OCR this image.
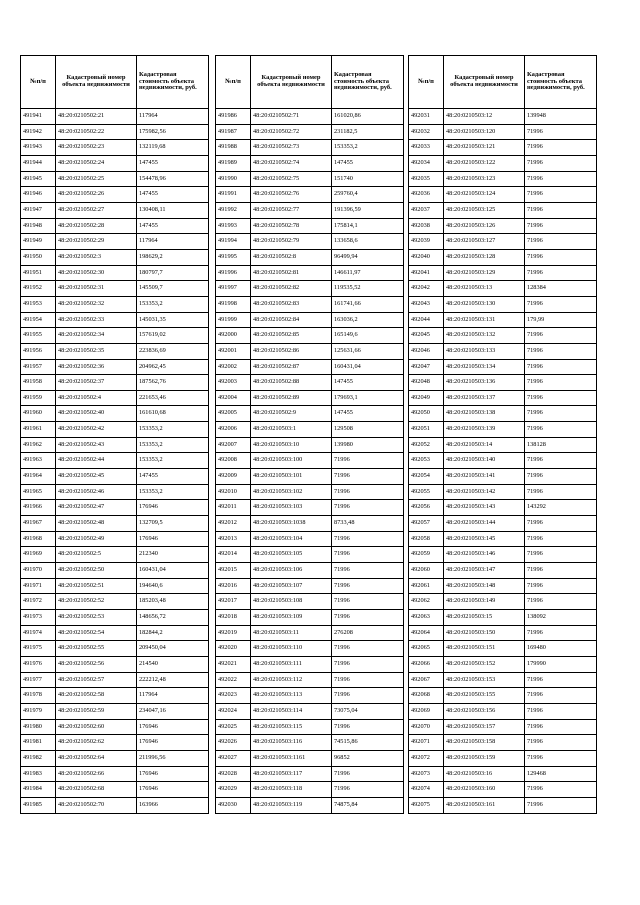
№п/п	Кадастровый номер объекта недвижимости	Кадастровая стоимость объекта недвижимости, руб.
491941	48:20:0210502:21	117964
491942	48:20:0210502:22	175982,56
491943	48:20:0210502:23	132119,68
491944	48:20:0210502:24	147455
491945	48:20:0210502:25	154478,96
491946	48:20:0210502:26	147455
491947	48:20:0210502:27	130408,11
491948	48:20:0210502:28	147455
491949	48:20:0210502:29	117964
491950	48:20:0210502:3	198629,2
491951	48:20:0210502:30	180797,7
491952	48:20:0210502:31	145509,7
491953	48:20:0210502:32	153353,2
491954	48:20:0210502:33	145031,35
491955	48:20:0210502:34	157619,02
491956	48:20:0210502:35	223836,69
491957	48:20:0210502:36	204962,45
491958	48:20:0210502:37	187562,76
491959	48:20:0210502:4	221653,46
491960	48:20:0210502:40	161610,68
491961	48:20:0210502:42	153353,2
491962	48:20:0210502:43	153353,2
491963	48:20:0210502:44	153353,2
491964	48:20:0210502:45	147455
491965	48:20:0210502:46	153353,2
491966	48:20:0210502:47	176946
491967	48:20:0210502:48	132709,5
491968	48:20:0210502:49	176946
491969	48:20:0210502:5	212340
491970	48:20:0210502:50	160431,04
491971	48:20:0210502:51	194640,6
491972	48:20:0210502:52	185203,48
491973	48:20:0210502:53	148656,72
491974	48:20:0210502:54	182844,2
491975	48:20:0210502:55	209450,04
491976	48:20:0210502:56	214540
491977	48:20:0210502:57	222212,48
491978	48:20:0210502:58	117964
491979	48:20:0210502:59	234047,16
491980	48:20:0210502:60	176946
491981	48:20:0210502:62	176946
491982	48:20:0210502:64	211996,56
491983	48:20:0210502:66	176946
491984	48:20:0210502:68	176946
491985	48:20:0210502:70	163966
№п/п	Кадастровый номер объекта недвижимости	Кадастровая стоимость объекта недвижимости, руб.
491986	48:20:0210502:71	161020,86
491987	48:20:0210502:72	231182,5
491988	48:20:0210502:73	153353,2
491989	48:20:0210502:74	147455
491990	48:20:0210502:75	151740
491991	48:20:0210502:76	259760,4
491992	48:20:0210502:77	191396,59
491993	48:20:0210502:78	175814,1
491994	48:20:0210502:79	133658,6
491995	48:20:0210502:8	96499,94
491996	48:20:0210502:81	146611,97
491997	48:20:0210502:82	119535,52
491998	48:20:0210502:83	161741,66
491999	48:20:0210502:84	163036,2
492000	48:20:0210502:85	165149,6
492001	48:20:0210502:86	125631,66
492002	48:20:0210502:87	160431,04
492003	48:20:0210502:88	147455
492004	48:20:0210502:89	179693,1
492005	48:20:0210502:9	147455
492006	48:20:0210503:1	129508
492007	48:20:0210503:10	139980
492008	48:20:0210503:100	71996
492009	48:20:0210503:101	71996
492010	48:20:0210503:102	71996
492011	48:20:0210503:103	71996
492012	48:20:0210503:1038	8733,48
492013	48:20:0210503:104	71996
492014	48:20:0210503:105	71996
492015	48:20:0210503:106	71996
492016	48:20:0210503:107	71996
492017	48:20:0210503:108	71996
492018	48:20:0210503:109	71996
492019	48:20:0210503:11	276208
492020	48:20:0210503:110	71996
492021	48:20:0210503:111	71996
492022	48:20:0210503:112	71996
492023	48:20:0210503:113	71996
492024	48:20:0210503:114	73075,04
492025	48:20:0210503:115	71996
492026	48:20:0210503:116	74515,86
492027	48:20:0210503:1161	96852
492028	48:20:0210503:117	71996
492029	48:20:0210503:118	71996
492030	48:20:0210503:119	74875,84
№п/п	Кадастровый номер объекта недвижимости	Кадастровая стоимость объекта недвижимости, руб.
492031	48:20:0210503:12	139948
492032	48:20:0210503:120	71996
492033	48:20:0210503:121	71996
492034	48:20:0210503:122	71996
492035	48:20:0210503:123	71996
492036	48:20:0210503:124	71996
492037	48:20:0210503:125	71996
492038	48:20:0210503:126	71996
492039	48:20:0210503:127	71996
492040	48:20:0210503:128	71996
492041	48:20:0210503:129	71996
492042	48:20:0210503:13	128384
492043	48:20:0210503:130	71996
492044	48:20:0210503:131	179,99
492045	48:20:0210503:132	71996
492046	48:20:0210503:133	71996
492047	48:20:0210503:134	71996
492048	48:20:0210503:136	71996
492049	48:20:0210503:137	71996
492050	48:20:0210503:138	71996
492051	48:20:0210503:139	71996
492052	48:20:0210503:14	138128
492053	48:20:0210503:140	71996
492054	48:20:0210503:141	71996
492055	48:20:0210503:142	71996
492056	48:20:0210503:143	143292
492057	48:20:0210503:144	71996
492058	48:20:0210503:145	71996
492059	48:20:0210503:146	71996
492060	48:20:0210503:147	71996
492061	48:20:0210503:148	71996
492062	48:20:0210503:149	71996
492063	48:20:0210503:15	138092
492064	48:20:0210503:150	71996
492065	48:20:0210503:151	169480
492066	48:20:0210503:152	179990
492067	48:20:0210503:153	71996
492068	48:20:0210503:155	71996
492069	48:20:0210503:156	71996
492070	48:20:0210503:157	71996
492071	48:20:0210503:158	71996
492072	48:20:0210503:159	71996
492073	48:20:0210503:16	129468
492074	48:20:0210503:160	71996
492075	48:20:0210503:161	71996
